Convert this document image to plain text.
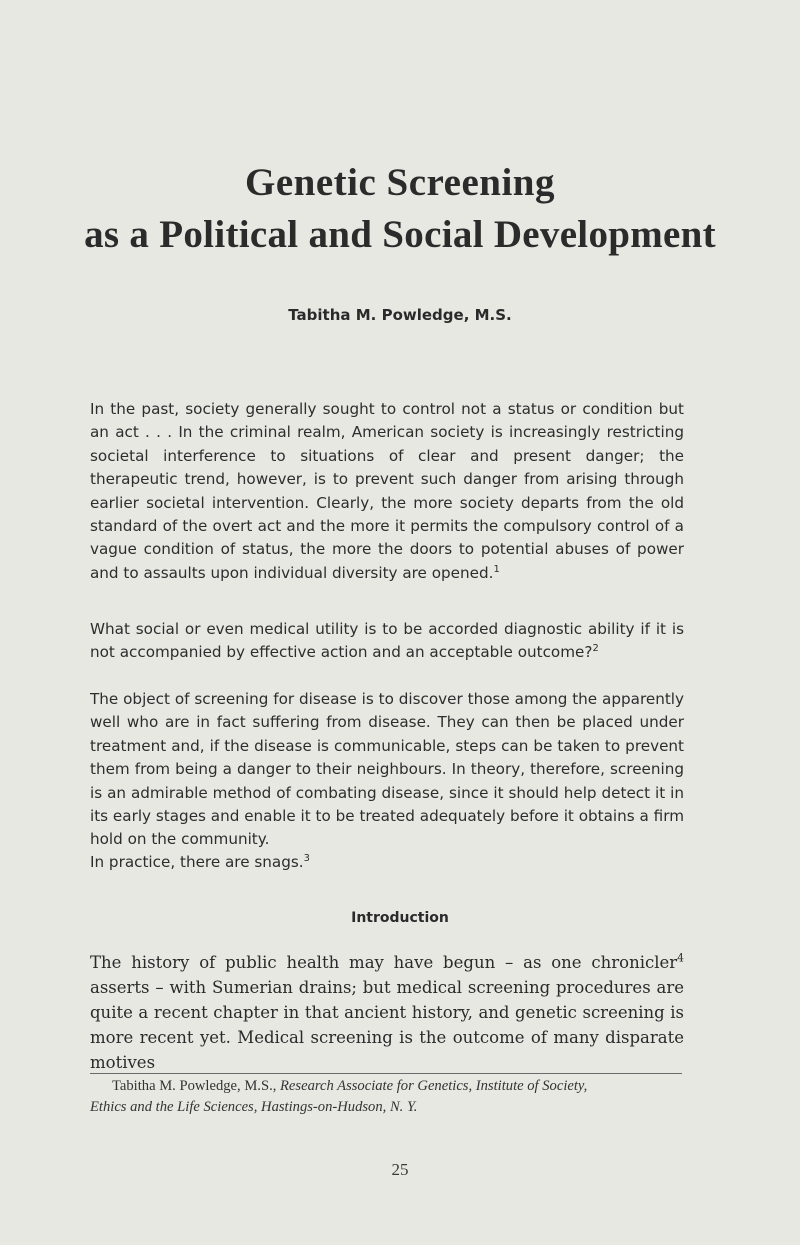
Genetic Screening
as a Political and Social Development
Tabitha M. Powledge, M.S.

In the past, society generally sought to control not a status or condition but an act . . . In the criminal realm, American society is increasingly restricting societal interference to situations of clear and present danger; the therapeutic trend, however, is to prevent such danger from arising through earlier societal intervention. Clearly, the more society departs from the old standard of the overt act and the more it permits the compulsory control of a vague condition of status, the more the doors to potential abuses of power and to assaults upon individual diversity are opened.$^1$

What social or even medical utility is to be accorded diagnostic ability if it is not accompanied by effective action and an acceptable outcome?$^2$

The object of screening for disease is to discover those among the apparently well who are in fact suffering from disease. They can then be placed under treatment and, if the disease is communicable, steps can be taken to prevent them from being a danger to their neighbours. In theory, therefore, screening is an admirable method of combating disease, since it should help detect it in its early stages and enable it to be treated adequately before it obtains a firm hold on the community.

In practice, there are snags.$^3$

Introduction

The history of public health may have begun – as one chronicler$^4$ asserts – with Sumerian drains; but medical screening procedures are quite a recent chapter in that ancient history, and genetic screening is more recent yet. Medical screening is the outcome of many disparate motives

Tabitha M. Powledge, M.S., Research Associate for Genetics, Institute of Society,
Ethics and the Life Sciences, Hastings-on-Hudson, N. Y.

25
